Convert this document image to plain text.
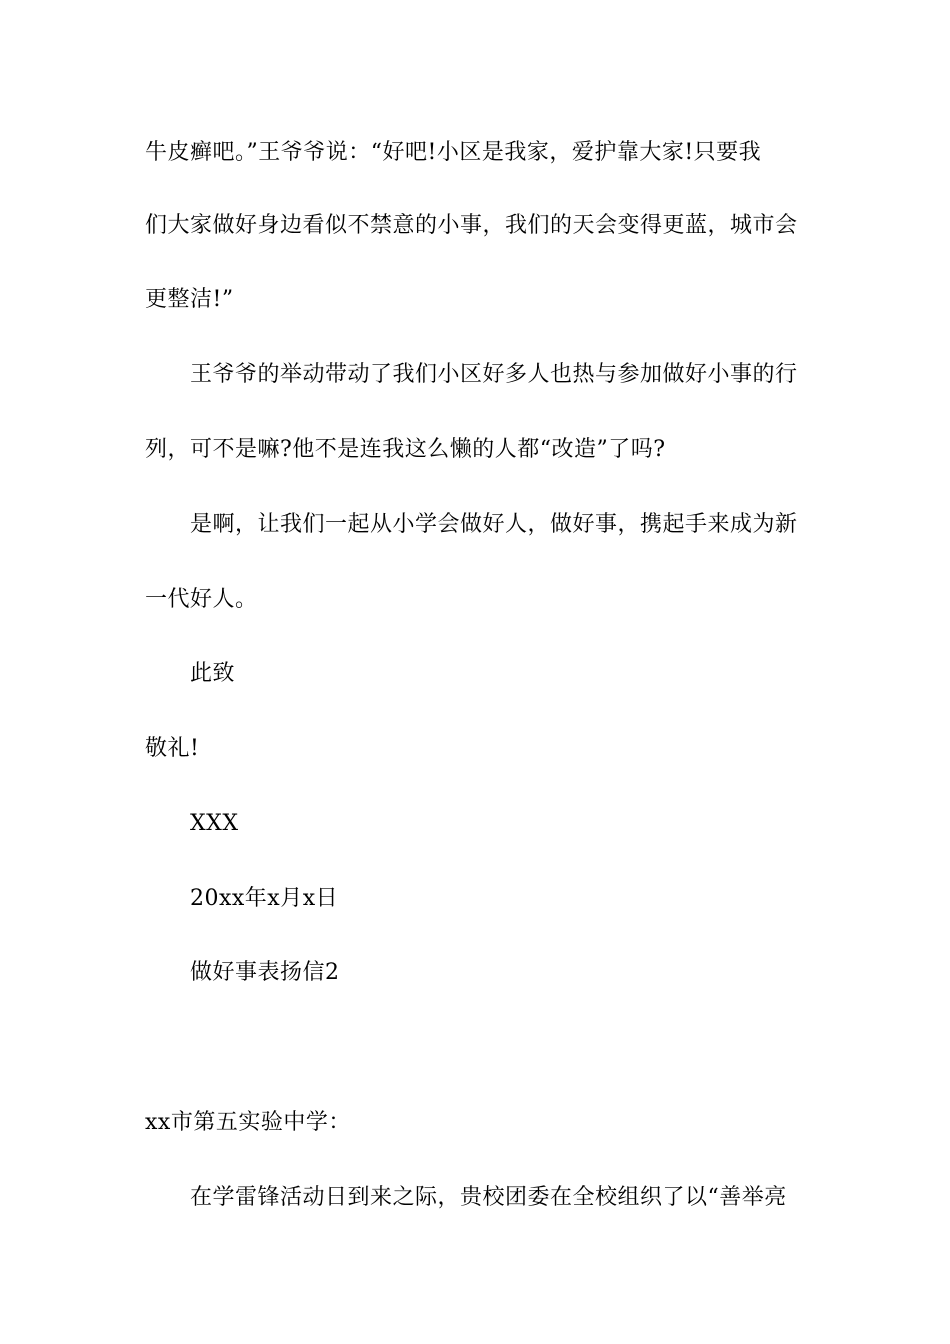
牛皮癣吧。”王爷爷说：“好吧!小区是我家，爱护靠大家!只要我
们大家做好身边看似不禁意的小事，我们的天会变得更蓝，城市会
更整洁!”
王爷爷的举动带动了我们小区好多人也热与参加做好小事的行
列，可不是嘛?他不是连我这么懒的人都“改造”了吗?
是啊，让我们一起从小学会做好人，做好事，携起手来成为新
一代好人。
此致
敬礼!
XXX
20xx年x月x日
做好事表扬信2
xx市第五实验中学：
在学雷锋活动日到来之际，贵校团委在全校组织了以“善举亮
